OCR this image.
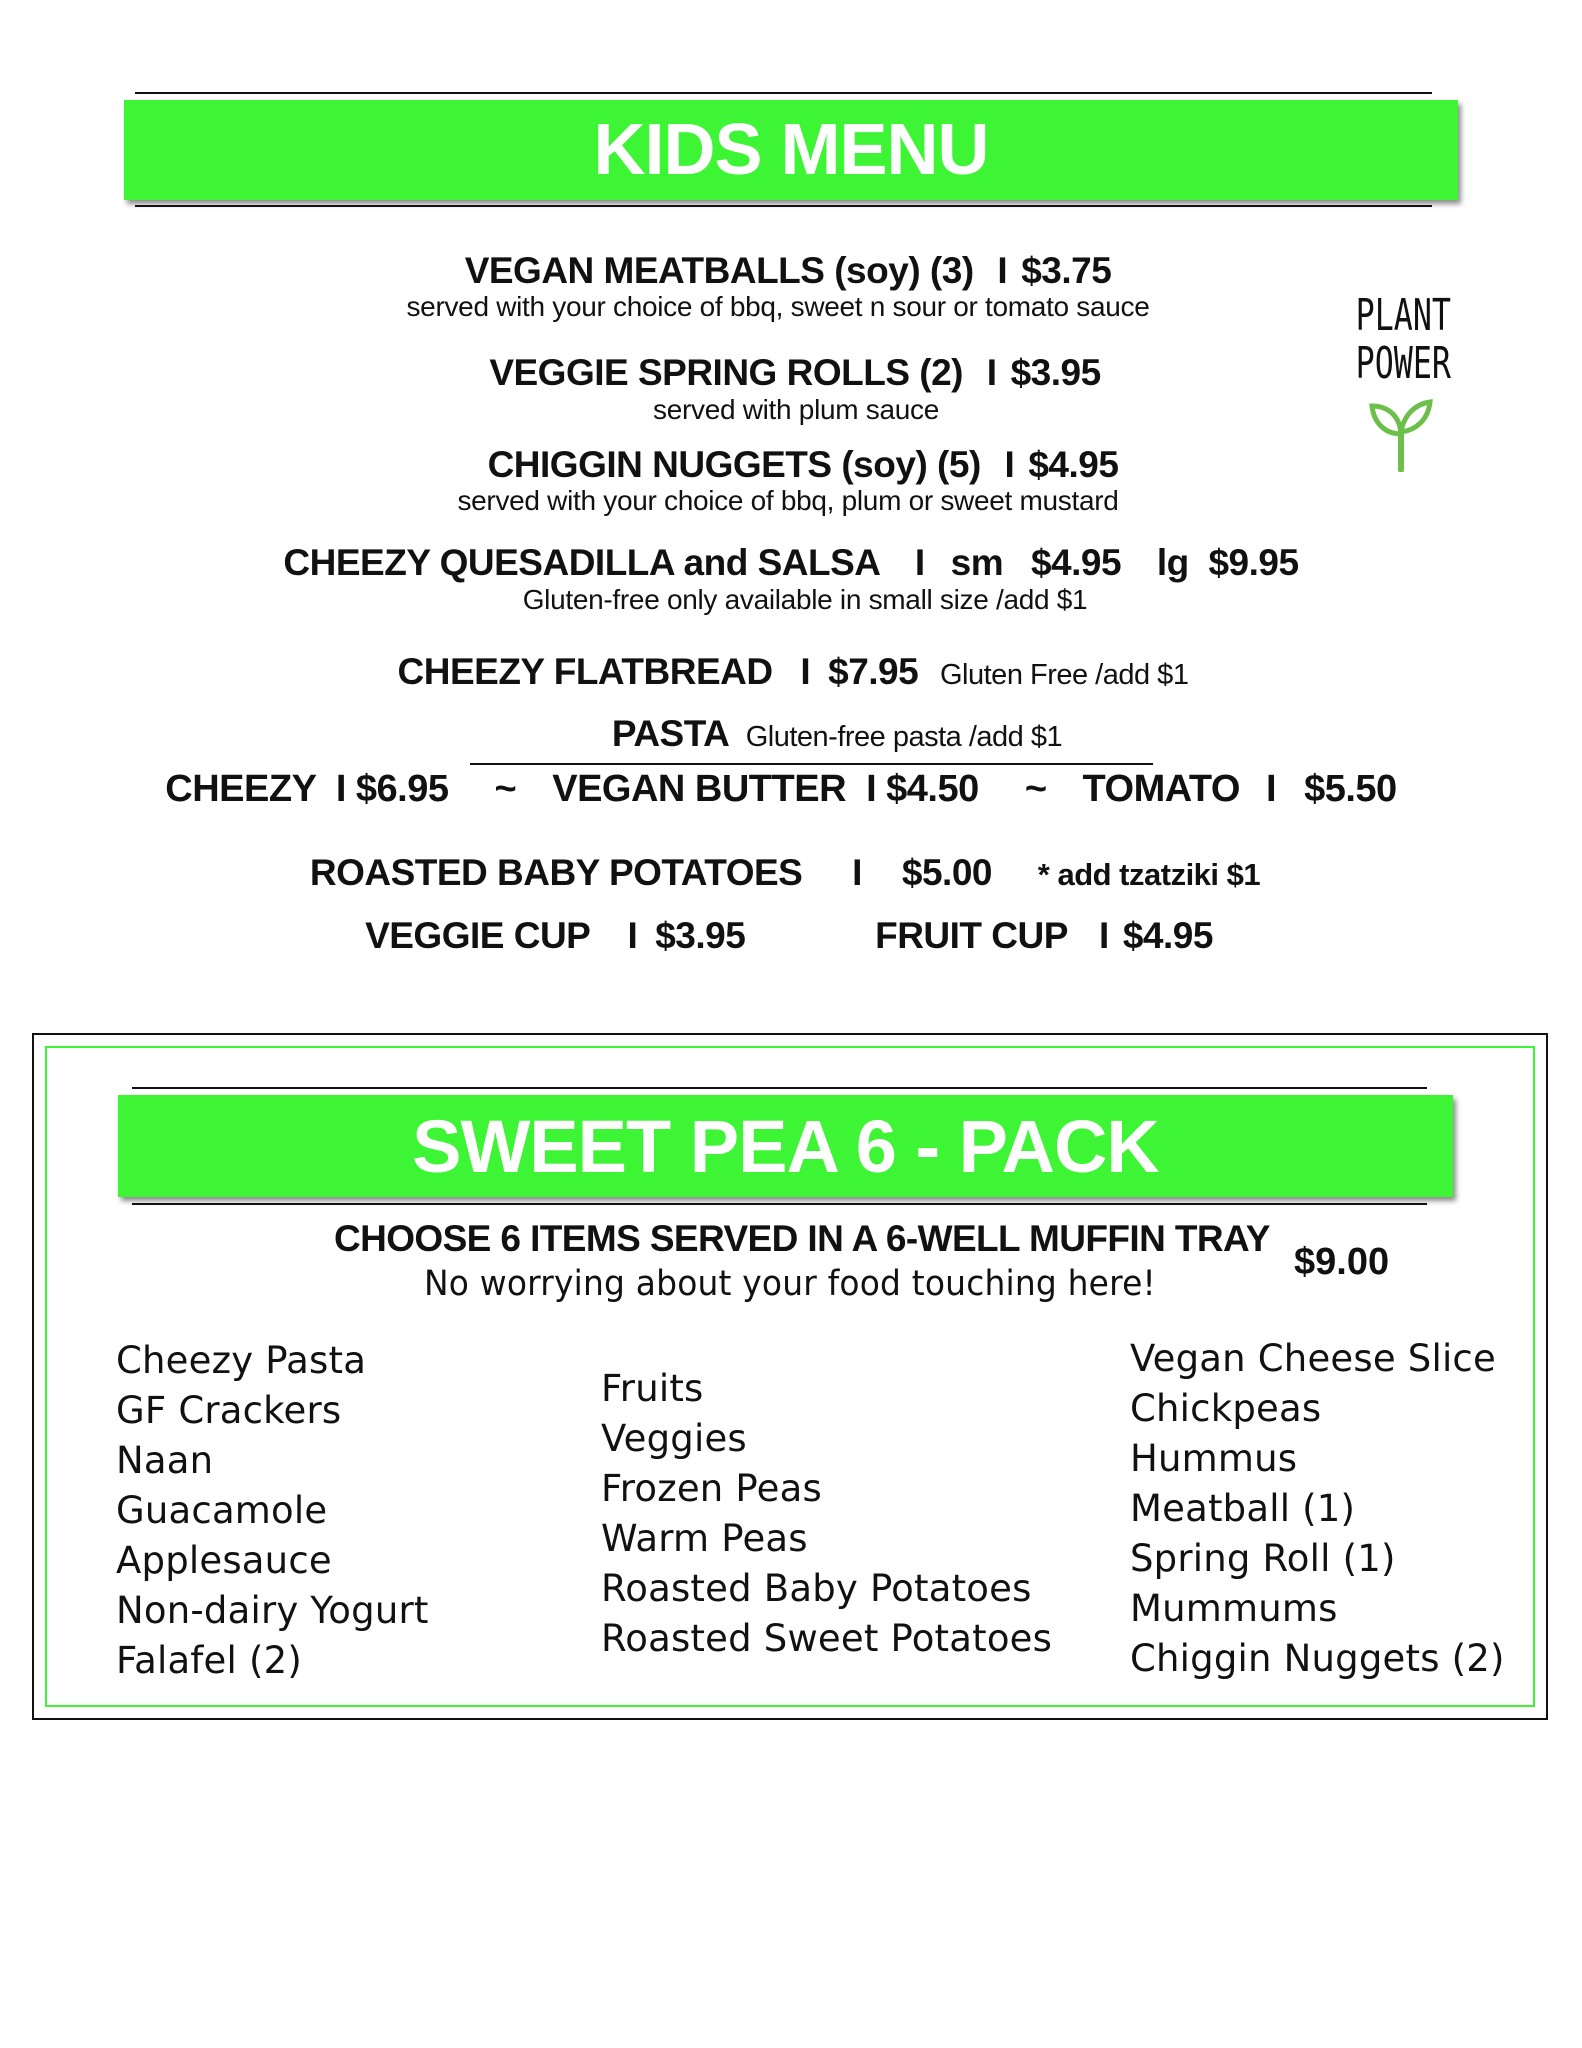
KIDS MENU
VEGAN MEATBALLS (soy) (3) I $3.75
served with your choice of bbq, sweet n sour or tomato sauce
VEGGIE SPRING ROLLS (2) I $3.95
served with plum sauce
CHIGGIN NUGGETS (soy) (5) I $4.95
served with your choice of bbq, plum or sweet mustard
CHEEZY QUESADILLA and SALSA I sm $4.95 lg $9.95
Gluten-free only available in small size /add $1
CHEEZY FLATBREAD I $7.95 Gluten Free /add $1
PASTA Gluten-free pasta /add $1
CHEEZY I $6.95 ~ VEGAN BUTTER I $4.50 ~ TOMATO I $5.50
ROASTED BABY POTATOES I $5.00 * add tzatziki $1
VEGGIE CUP I $3.95	FRUIT CUP I $4.95
PLANT
POWER
SWEET PEA 6 - PACK
CHOOSE 6 ITEMS SERVED IN A 6-WELL MUFFIN TRAY
No worrying about your food touching here!
$9.00
Cheezy Pasta
GF Crackers
Naan
Guacamole
Applesauce
Non-dairy Yogurt
Falafel (2)
Fruits
Veggies
Frozen Peas
Warm Peas
Roasted Baby Potatoes
Roasted Sweet Potatoes
Vegan Cheese Slice
Chickpeas
Hummus
Meatball (1)
Spring Roll (1)
Mummums
Chiggin Nuggets (2)
